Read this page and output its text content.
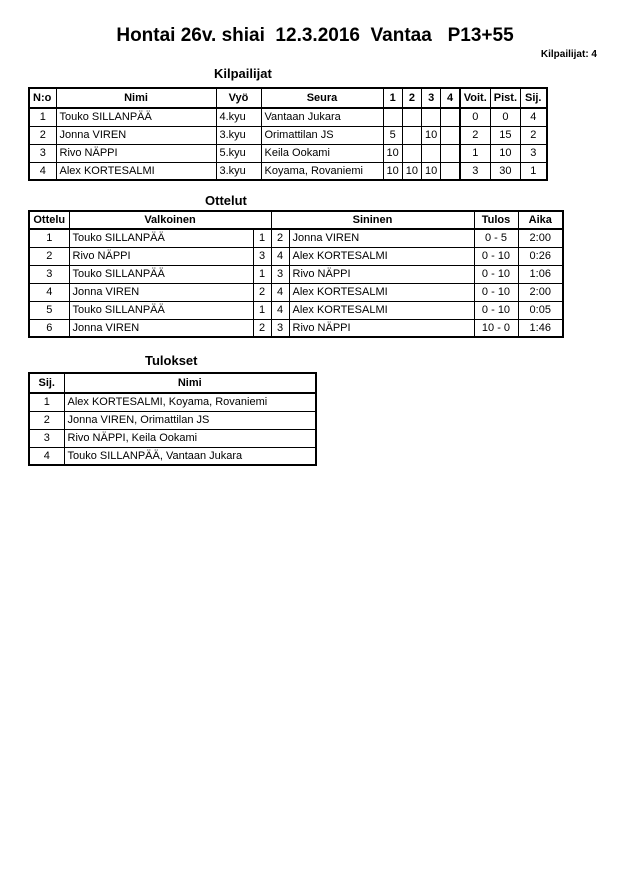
Hontai 26v. shiai  12.3.2016  Vantaa   P13+55
Kilpailijat: 4
Kilpailijat
N:o	Nimi	Vyö	Seura	1	2	3	4	Voit.	Pist.	Sij.
1	Touko SILLANPÄÄ	4.kyu	Vantaan Jukara					0	0	4
2	Jonna VIREN	3.kyu	Orimattilan JS	5		10		2	15	2
3	Rivo NÄPPI	5.kyu	Keila Ookami	10				1	10	3
4	Alex KORTESALMI	3.kyu	Koyama, Rovaniemi	10	10	10		3	30	1
Ottelut
Ottelu	Valkoinen		Sininen		Tulos	Aika
1	Touko SILLANPÄÄ	1	2	Jonna VIREN	0 - 5	2:00
2	Rivo NÄPPI	3	4	Alex KORTESALMI	0 - 10	0:26
3	Touko SILLANPÄÄ	1	3	Rivo NÄPPI	0 - 10	1:06
4	Jonna VIREN	2	4	Alex KORTESALMI	0 - 10	2:00
5	Touko SILLANPÄÄ	1	4	Alex KORTESALMI	0 - 10	0:05
6	Jonna VIREN	2	3	Rivo NÄPPI	10 - 0	1:46
Tulokset
Sij.	Nimi
1	Alex KORTESALMI, Koyama, Rovaniemi
2	Jonna VIREN, Orimattilan JS
3	Rivo NÄPPI, Keila Ookami
4	Touko SILLANPÄÄ, Vantaan Jukara
